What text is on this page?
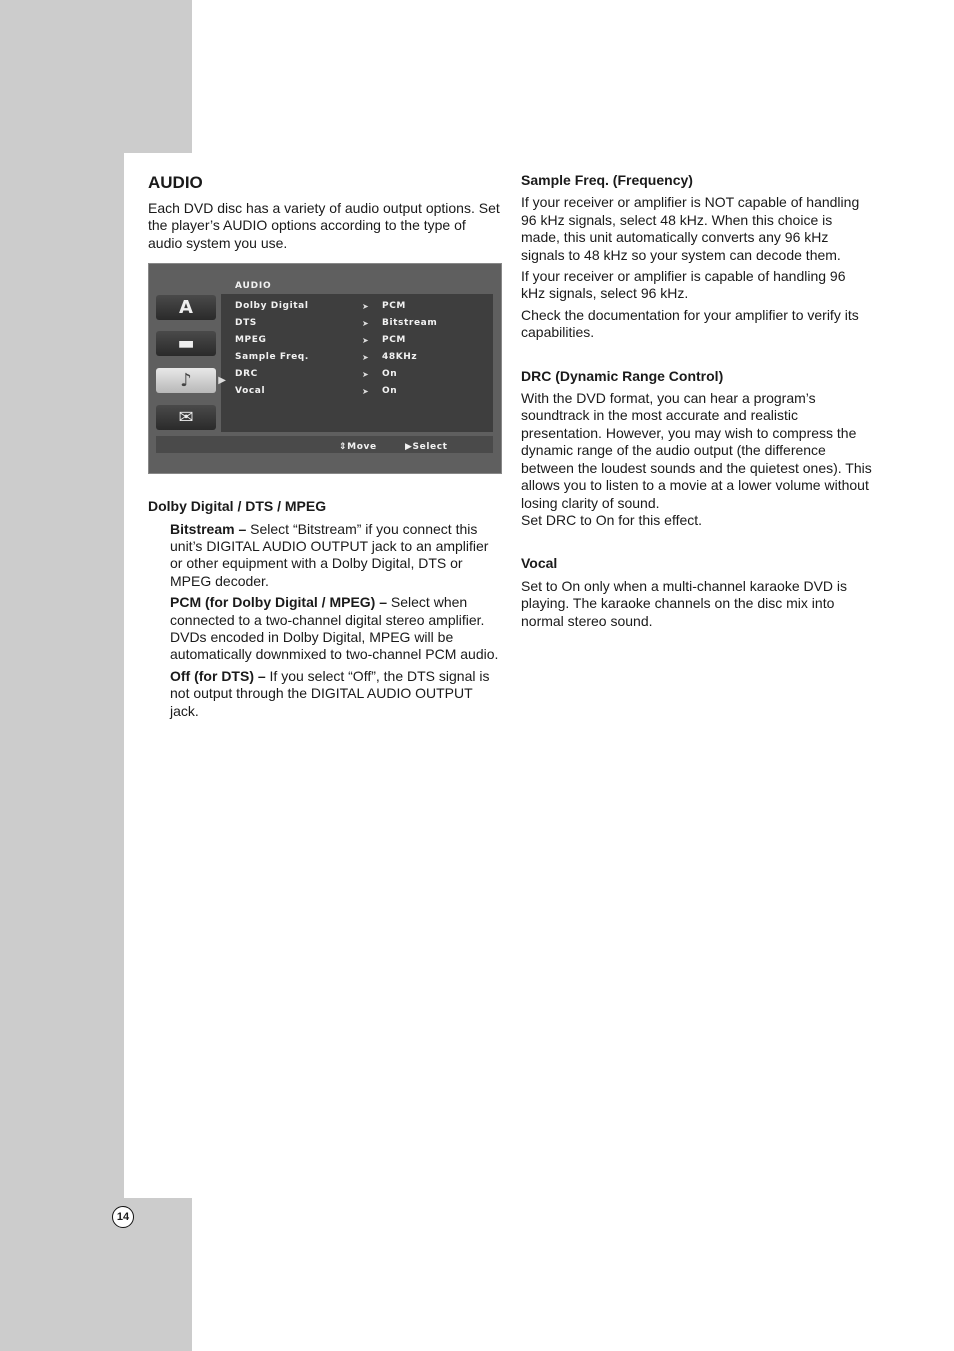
14
AUDIO

Each DVD disc has a variety of audio output options. Set the player’s AUDIO options according to the type of audio system you use.

AUDIO
A
▬
♪	▶
✉
Dolby Digital	➤ PCM
DTS	➤ Bitstream
MPEG	➤ PCM
Sample Freq.	➤ 48KHz
DRC	➤ On
Vocal	➤ On
⇕Move	▶Select
Dolby Digital / DTS / MPEG

Bitstream – Select “Bitstream” if you connect this unit’s DIGITAL AUDIO OUTPUT jack to an amplifier or other equipment with a Dolby Digital, DTS or MPEG decoder.

PCM (for Dolby Digital / MPEG) – Select when connected to a two-channel digital stereo amplifier. DVDs encoded in Dolby Digital, MPEG will be automatically downmixed to two-channel PCM audio.

Off (for DTS) – If you select “Off”, the DTS signal is not output through the DIGITAL AUDIO OUTPUT jack.

Sample Freq. (Frequency)

If your receiver or amplifier is NOT capable of handling 96 kHz signals, select 48 kHz. When this choice is made, this unit automatically converts any 96 kHz signals to 48 kHz so your system can decode them.

If your receiver or amplifier is capable of handling 96 kHz signals, select 96 kHz.

Check the documentation for your amplifier to verify its capabilities.

DRC (Dynamic Range Control)

With the DVD format, you can hear a program’s soundtrack in the most accurate and realistic presentation. However, you may wish to compress the dynamic range of the audio output (the difference between the loudest sounds and the quietest ones). This allows you to listen to a movie at a lower volume without losing clarity of sound.

Set DRC to On for this effect.

Vocal

Set to On only when a multi-channel karaoke DVD is playing. The karaoke channels on the disc mix into normal stereo sound.
